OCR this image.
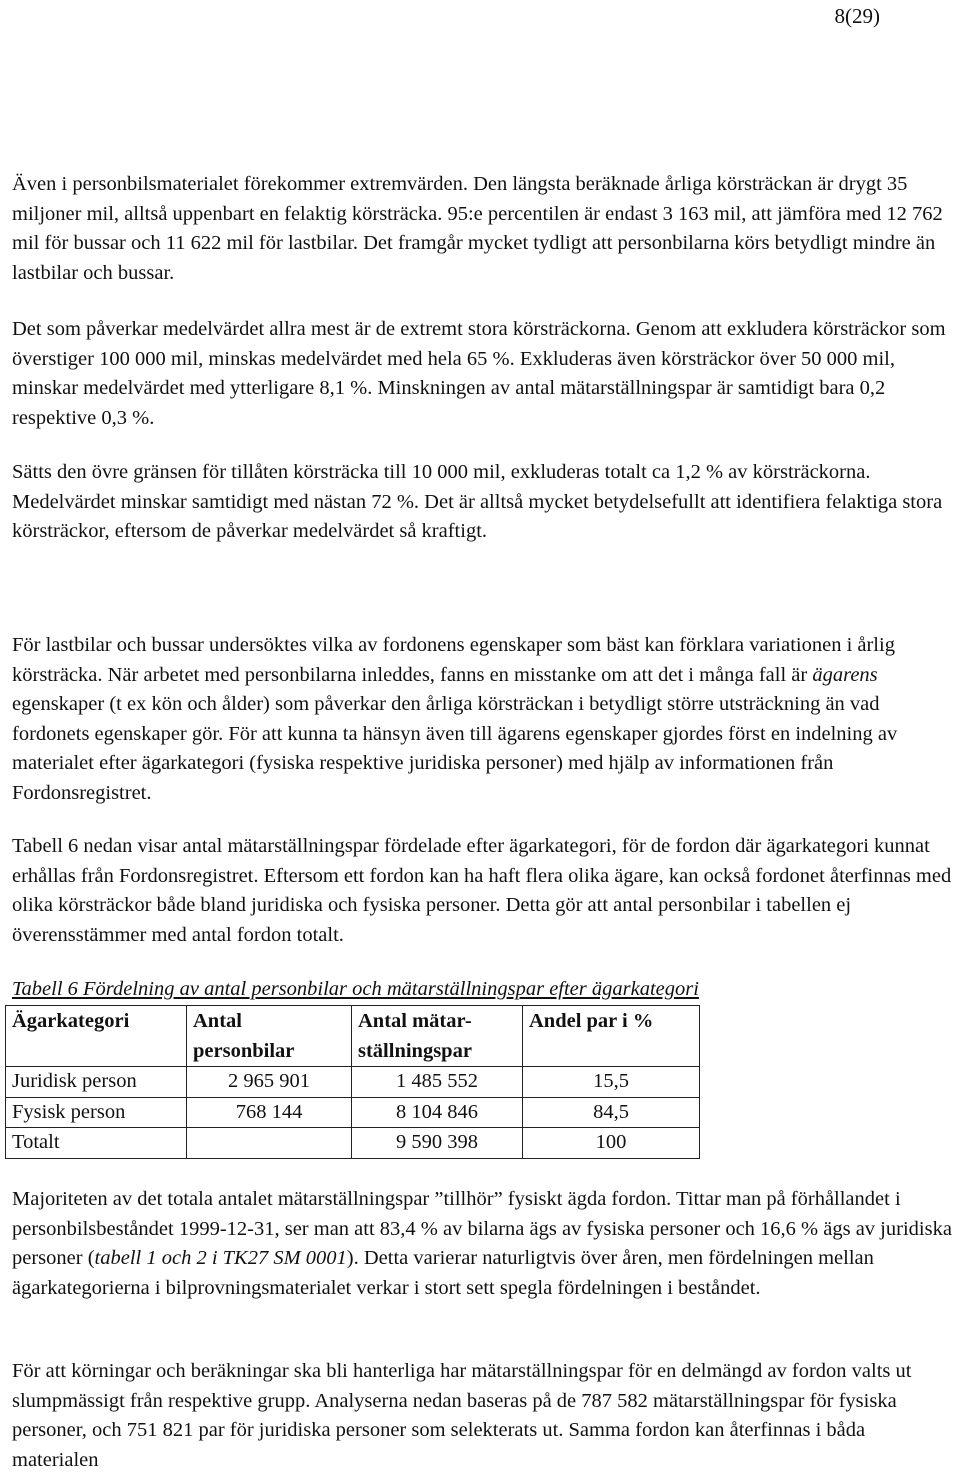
8(29)

Även i personbilsmaterialet förekommer extremvärden. Den längsta beräknade årliga körsträckan är drygt 35 miljoner mil, alltså uppenbart en felaktig körsträcka. 95:e percentilen är endast 3 163 mil, att jämföra med 12 762 mil för bussar och 11 622 mil för lastbilar. Det framgår mycket tydligt att personbilarna körs betydligt mindre än lastbilar och bussar.

Det som påverkar medelvärdet allra mest är de extremt stora körsträckorna. Genom att exkludera körsträckor som överstiger 100 000 mil, minskas medelvärdet med hela 65 %. Exkluderas även körsträckor över 50 000 mil, minskar medelvärdet med ytterligare 8,1 %. Minskningen av antal mätarställningspar är samtidigt bara 0,2 respektive 0,3 %.

Sätts den övre gränsen för tillåten körsträcka till 10 000 mil, exkluderas totalt ca 1,2 % av körsträckorna. Medelvärdet minskar samtidigt med nästan 72 %. Det är alltså mycket betydelsefullt att identifiera felaktiga stora körsträckor, eftersom de påverkar medelvärdet så kraftigt.

För lastbilar och bussar undersöktes vilka av fordonens egenskaper som bäst kan förklara variationen i årlig körsträcka. När arbetet med personbilarna inleddes, fanns en misstanke om att det i många fall är ägarens egenskaper (t ex kön och ålder) som påverkar den årliga körsträckan i betydligt större utsträckning än vad fordonets egenskaper gör. För att kunna ta hänsyn även till ägarens egenskaper gjordes först en indelning av materialet efter ägarkategori (fysiska respektive juridiska personer) med hjälp av informationen från Fordonsregistret.

Tabell 6 nedan visar antal mätarställningspar fördelade efter ägarkategori, för de fordon där ägarkategori kunnat erhållas från Fordonsregistret. Eftersom ett fordon kan ha haft flera olika ägare, kan också fordonet återfinnas med olika körsträckor både bland juridiska och fysiska personer. Detta gör att antal personbilar i tabellen ej överensstämmer med antal fordon totalt.

Tabell 6 Fördelning av antal personbilar och mätarställningspar efter ägarkategori
Ägarkategori	Antal personbilar	Antal mätar-ställningspar	Andel par i %
Juridisk person	2 965 901	1 485 552	15,5
Fysisk person	768 144	8 104 846	84,5
Totalt		9 590 398	100

Majoriteten av det totala antalet mätarställningspar ”tillhör” fysiskt ägda fordon. Tittar man på förhållandet i personbilsbeståndet 1999-12-31, ser man att 83,4 % av bilarna ägs av fysiska personer och 16,6 % ägs av juridiska personer (tabell 1 och 2 i TK27 SM 0001). Detta varierar naturligtvis över åren, men fördelningen mellan ägarkategorierna i bilprovningsmaterialet verkar i stort sett spegla fördelningen i beståndet.

För att körningar och beräkningar ska bli hanterliga har mätarställningspar för en delmängd av fordon valts ut slumpmässigt från respektive grupp. Analyserna nedan baseras på de 787 582 mätarställningspar för fysiska personer, och 751 821 par för juridiska personer som selekterats ut. Samma fordon kan återfinnas i båda materialen
